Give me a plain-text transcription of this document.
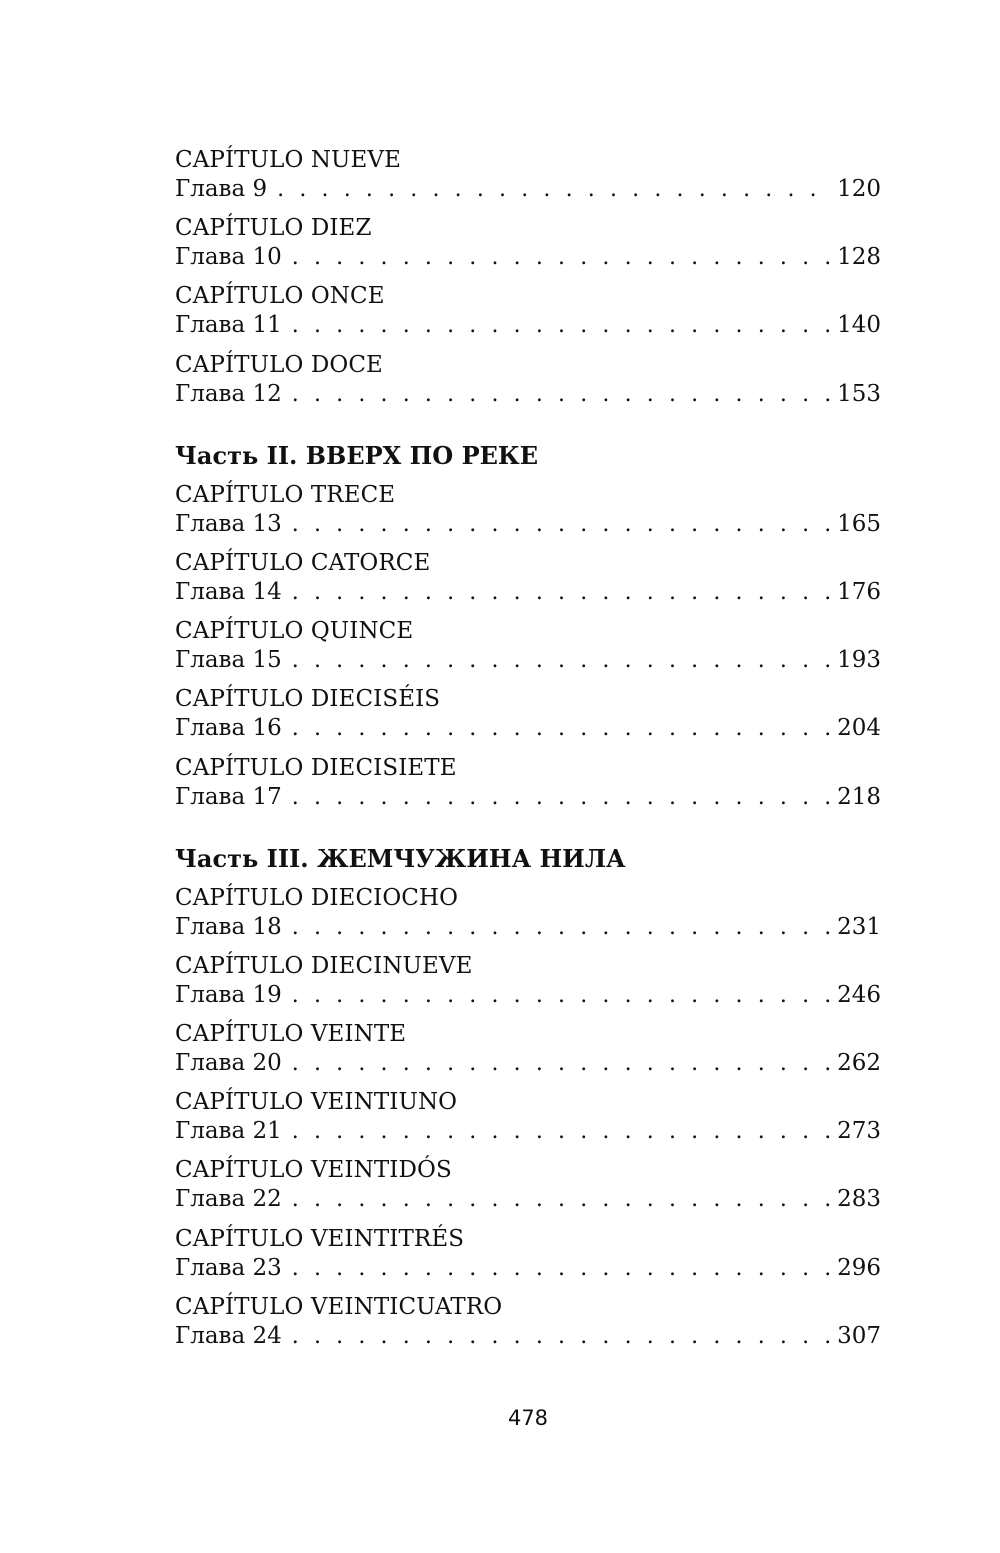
CAPÍTULO NUEVE
Глава 9 . . .	120
CAPÍTULO DIEZ
Глава 10 . . .	128
CAPÍTULO ONCE
Глава 11 . . .	140
CAPÍTULO DOCE
Глава 12 . . .	153
Часть II. ВВЕРХ ПО РЕКЕ
CAPÍTULO TRECE
Глава 13 . . .	165
CAPÍTULO CATORCE
Глава 14 . . .	176
CAPÍTULO QUINCE
Глава 15 . . .	193
CAPÍTULO DIECISÉIS
Глава 16 . . .	204
CAPÍTULO DIECISIETE
Глава 17 . . .	218
Часть III. ЖЕМЧУЖИНА НИЛА
CAPÍTULO DIECIOCHO
Глава 18 . . .	231
CAPÍTULO DIECINUEVE
Глава 19 . . .	246
CAPÍTULO VEINTE
Глава 20 . . .	262
CAPÍTULO VEINTIUNO
Глава 21 . . .	273
CAPÍTULO VEINTIDÓS
Глава 22 . . .	283
CAPÍTULO VEINTITRÉS
Глава 23 . . .	296
CAPÍTULO VEINTICUATRO
Глава 24 . . .	307
478
